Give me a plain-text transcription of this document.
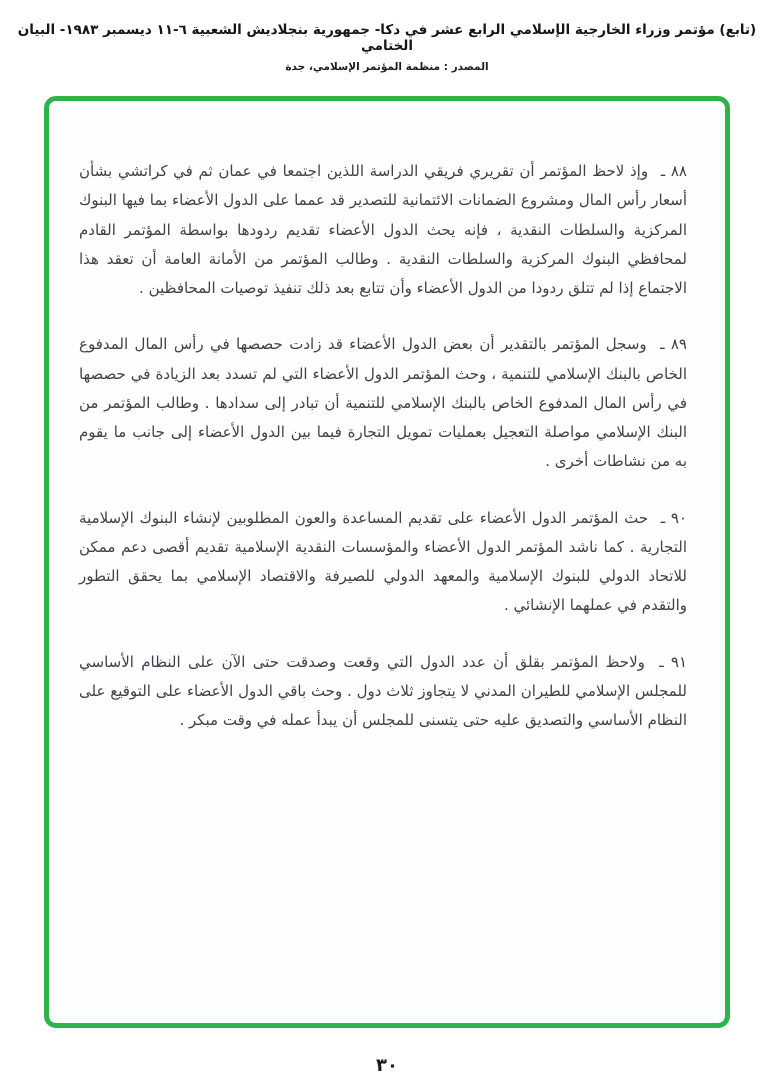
(تابع) مؤتمر وزراء الخارجية الإسلامي الرابع عشر في دكا- جمهورية بنجلاديش الشعبية ٦-١١ ديسمبر ١٩٨٣- البيان الختامي
المصدر : منظمة المؤتمر الإسلامي، جدة

٨٨ ـ وإذ لاحظ المؤتمر أن تقريري فريقي الدراسة اللذين اجتمعا في عمان ثم في كراتشي بشأن أسعار رأس المال ومشروع الضمانات الائتمانية للتصدير قد عمما على الدول الأعضاء بما فيها البنوك المركزية والسلطات النقدية ، فإنه يحث الدول الأعضاء تقديم ردودها بواسطة المؤتمر القادم لمحافظي البنوك المركزية والسلطات النقدية . وطالب المؤتمر من الأمانة العامة أن تعقد هذا الاجتماع إذا لم تتلق ردودا من الدول الأعضاء وأن تتابع بعد ذلك تنفيذ توصيات المحافظين .

٨٩ ـ وسجل المؤتمر بالتقدير أن بعض الدول الأعضاء قد زادت حصصها في رأس المال المدفوع الخاص بالبنك الإسلامي للتنمية ، وحث المؤتمر الدول الأعضاء التي لم تسدد بعد الزيادة في حصصها في رأس المال المدفوع الخاص بالبنك الإسلامي للتنمية أن تبادر إلى سدادها . وطالب المؤتمر من البنك الإسلامي مواصلة التعجيل بعمليات تمويل التجارة فيما بين الدول الأعضاء إلى جانب ما يقوم به من نشاطات أخرى .

٩٠ ـ حث المؤتمر الدول الأعضاء على تقديم المساعدة والعون المطلوبين لإنشاء البنوك الإسلامية التجارية . كما ناشد المؤتمر الدول الأعضاء والمؤسسات النقدية الإسلامية تقديم أقصى دعم ممكن للاتحاد الدولي للبنوك الإسلامية والمعهد الدولي للصيرفة والاقتصاد الإسلامي بما يحقق التطور والتقدم في عملهما الإنشائي .

٩١ ـ ولاحظ المؤتمر بقلق أن عدد الدول التي وقعت وصدقت حتى الآن على النظام الأساسي للمجلس الإسلامي للطيران المدني لا يتجاوز ثلاث دول . وحث باقي الدول الأعضاء على التوقيع على النظام الأساسي والتصديق عليه حتى يتسنى للمجلس أن يبدأ عمله في وقت مبكر .

٣٠
